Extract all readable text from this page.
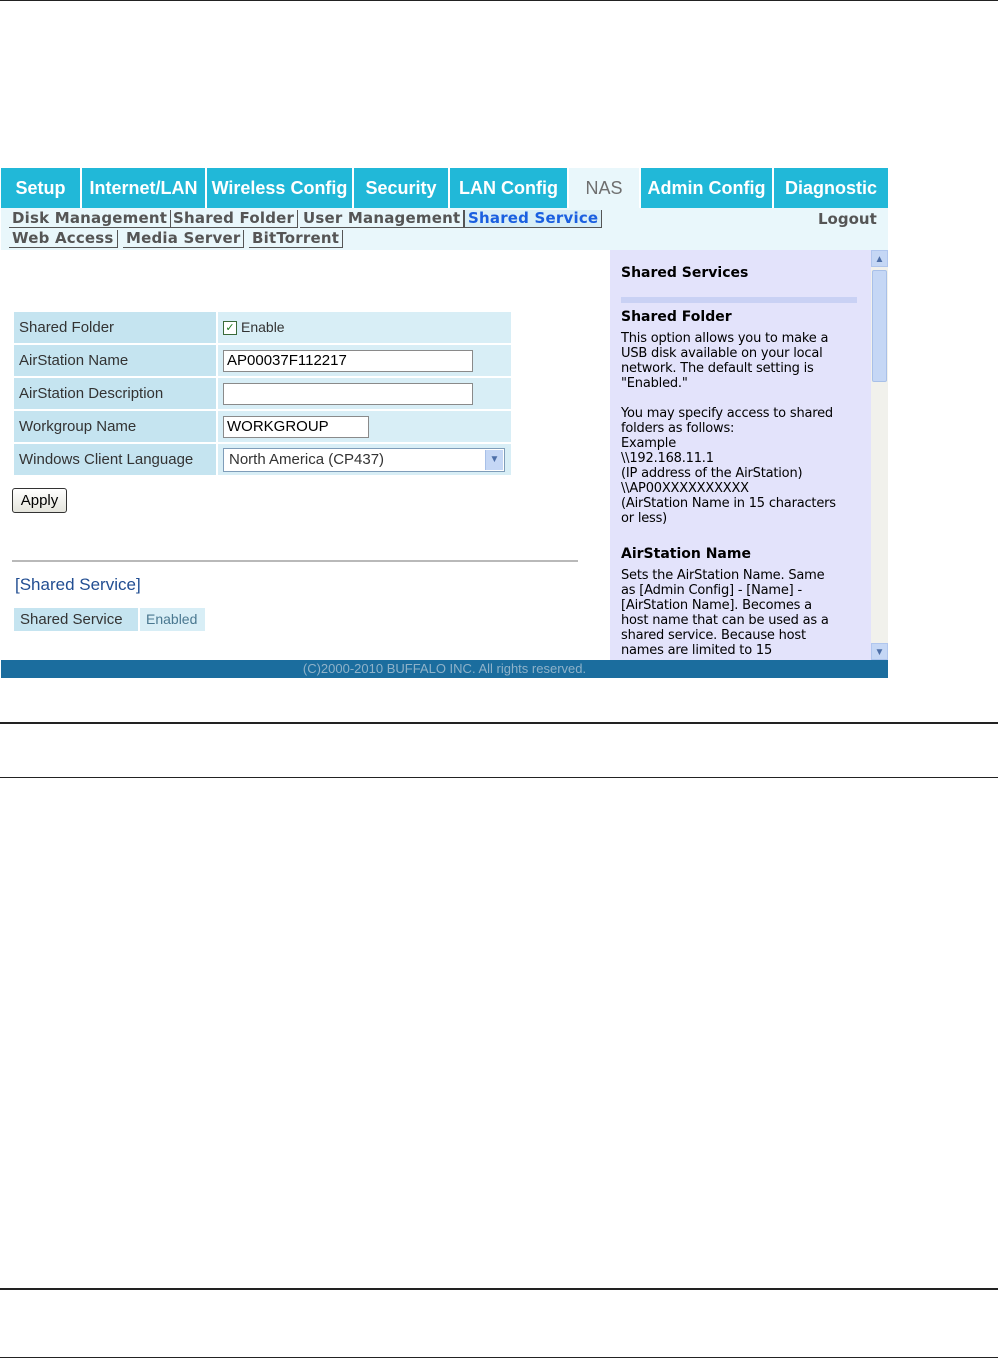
Setup	Internet/LAN Wireless Config	Security	LAN Config	NAS	Admin Config	Diagnostic
Disk Management Shared Folder User Management Shared Service
Web Access Media Server BitTorrent
Logout
Shared Folder	✓ Enable
AirStation Name	AP00037F112217

AirStation Description	

Workgroup Name	WORKGROUP

Windows Client Language	North America (CP437) ▼
Apply
[Shared Service]
Shared Service	Enabled
Shared Services
Shared Folder
This option allows you to make a
USB disk available on your local
network. The default setting is
"Enabled."
You may specify access to shared
folders as follows:
Example
\\192.168.11.1
(IP address of the AirStation)
\\AP00XXXXXXXXXX
(AirStation Name in 15 characters
or less)
AirStation Name
Sets the AirStation Name. Same
as [Admin Config] - [Name] -
[AirStation Name]. Becomes a
host name that can be used as a
shared service. Because host
names are limited to 15
▲
▼
(C)2000-2010 BUFFALO INC. All rights reserved.
